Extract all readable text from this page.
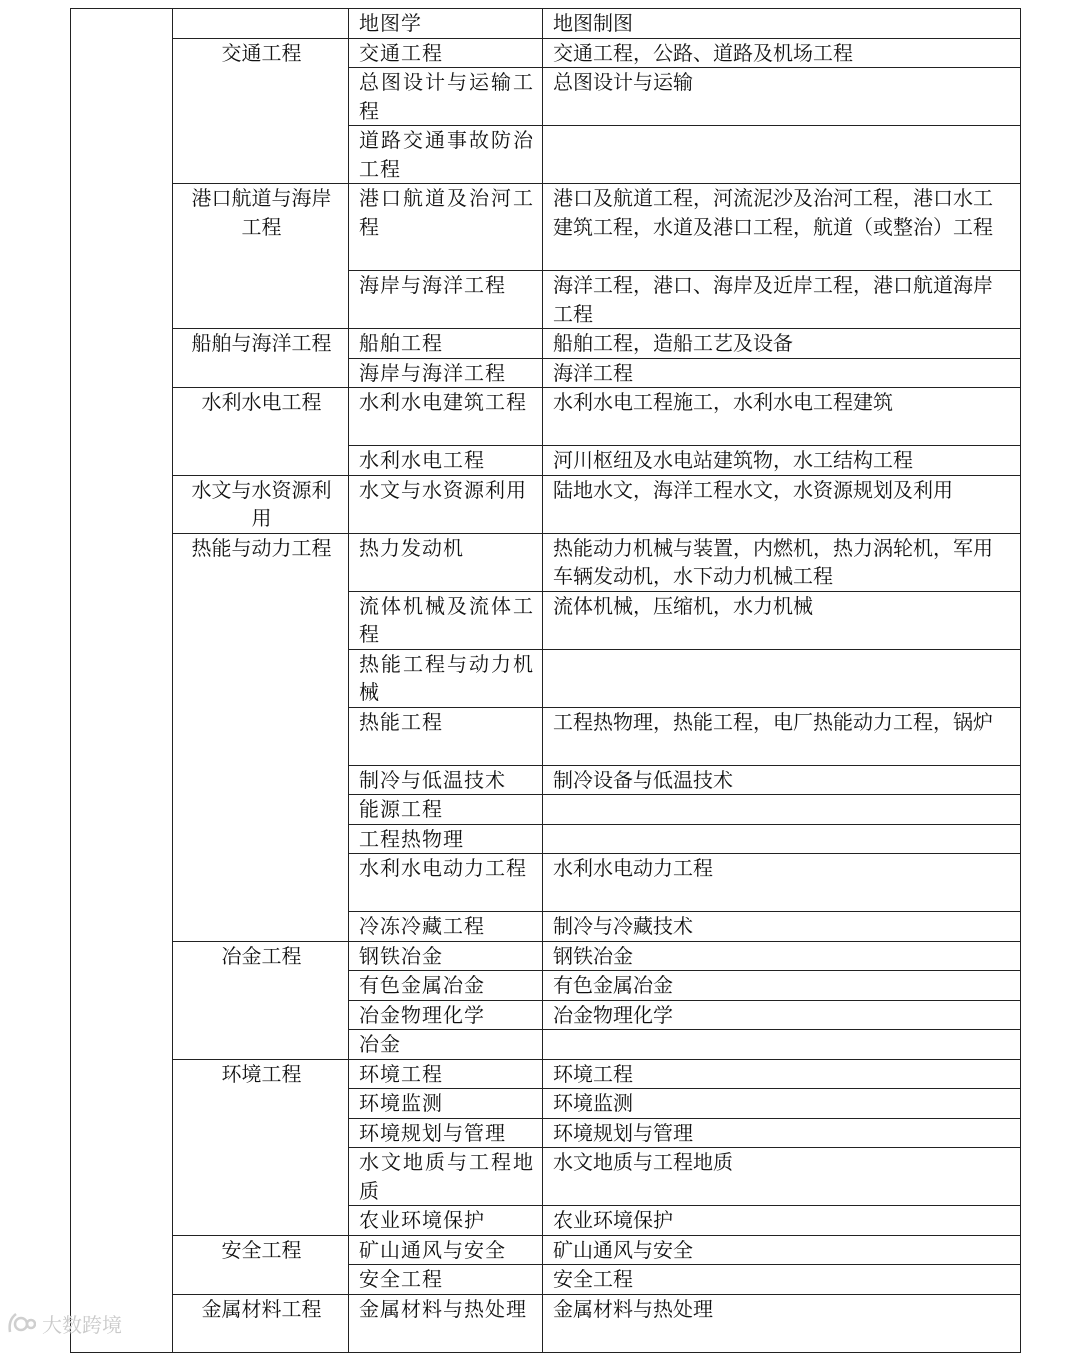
		地图学	地图制图
	交通工程	交通工程	交通工程，公路、道路及机场工程
		总图设计与运输工程	总图设计与运输
		道路交通事故防治工程	
	港口航道与海岸工程	港口航道及治河工程	港口及航道工程，河流泥沙及治河工程，港口水工建筑工程，水道及港口工程，航道（或整治）工程
		海岸与海洋工程	海洋工程，港口、海岸及近岸工程，港口航道海岸工程
	船舶与海洋工程	船舶工程	船舶工程，造船工艺及设备
		海岸与海洋工程	海洋工程
	水利水电工程	水利水电建筑工程	水利水电工程施工，水利水电工程建筑
		水利水电工程	河川枢纽及水电站建筑物，水工结构工程
	水文与水资源利用	水文与水资源利用	陆地水文，海洋工程水文，水资源规划及利用
	热能与动力工程	热力发动机	热能动力机械与装置，内燃机，热力涡轮机，军用车辆发动机，水下动力机械工程
		流体机械及流体工程	流体机械，压缩机，水力机械
		热能工程与动力机械	
		热能工程	工程热物理，热能工程，电厂热能动力工程，锅炉
		制冷与低温技术	制冷设备与低温技术
		能源工程	
		工程热物理	
		水利水电动力工程	水利水电动力工程
		冷冻冷藏工程	制冷与冷藏技术
	冶金工程	钢铁冶金	钢铁冶金
		有色金属冶金	有色金属冶金
		冶金物理化学	冶金物理化学
		冶金	
	环境工程	环境工程	环境工程
		环境监测	环境监测
		环境规划与管理	环境规划与管理
		水文地质与工程地质	水文地质与工程地质
		农业环境保护	农业环境保护
	安全工程	矿山通风与安全	矿山通风与安全
		安全工程	安全工程
	金属材料工程	金属材料与热处理	金属材料与热处理
大数跨境
